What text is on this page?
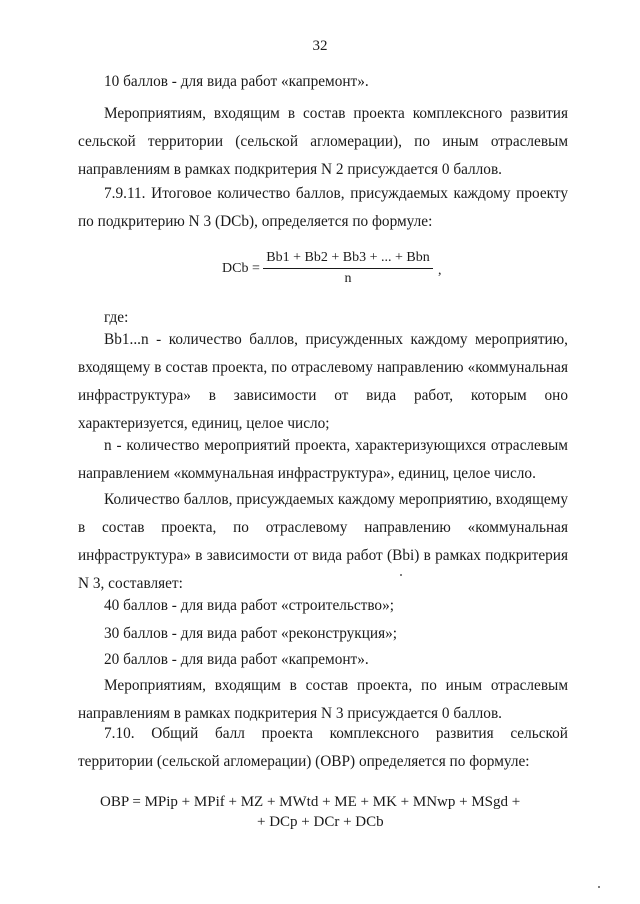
32

10 баллов - для вида работ «капремонт».

Мероприятиям, входящим в состав проекта комплексного развития сельской территории (сельской агломерации), по иным отраслевым направлениям в рамках подкритерия N 2 присуждается 0 баллов.

7.9.11. Итоговое количество баллов, присуждаемых каждому проекту по подкритерию N 3 (DCb), определяется по формуле:

DCb =
Bb1 + Bb2 + Bb3 + ... + Bbn
n
,

где:

Bb1...n - количество баллов, присужденных каждому мероприятию, входящему в состав проекта, по отраслевому направлению «коммунальная инфраструктура» в зависимости от вида работ, которым оно характеризуется, единиц, целое число;

n - количество мероприятий проекта, характеризующихся отраслевым направлением «коммунальная инфраструктура», единиц, целое число.

Количество баллов, присуждаемых каждому мероприятию, входящему в состав проекта, по отраслевому направлению «коммунальная инфраструктура» в зависимости от вида работ (Bbi) в рамках подкритерия N 3, составляет:

40 баллов - для вида работ «строительство»;

30 баллов - для вида работ «реконструкция»;

20 баллов - для вида работ «капремонт».

Мероприятиям, входящим в состав проекта, по иным отраслевым направлениям в рамках подкритерия N 3 присуждается 0 баллов.

7.10. Общий балл проекта комплексного развития сельской территории (сельской агломерации) (OBP) определяется по формуле:

OBP = MPip + MPif + MZ + MWtd + ME + MK + MNwp + MSgd +
+ DCp + DCr + DCb
